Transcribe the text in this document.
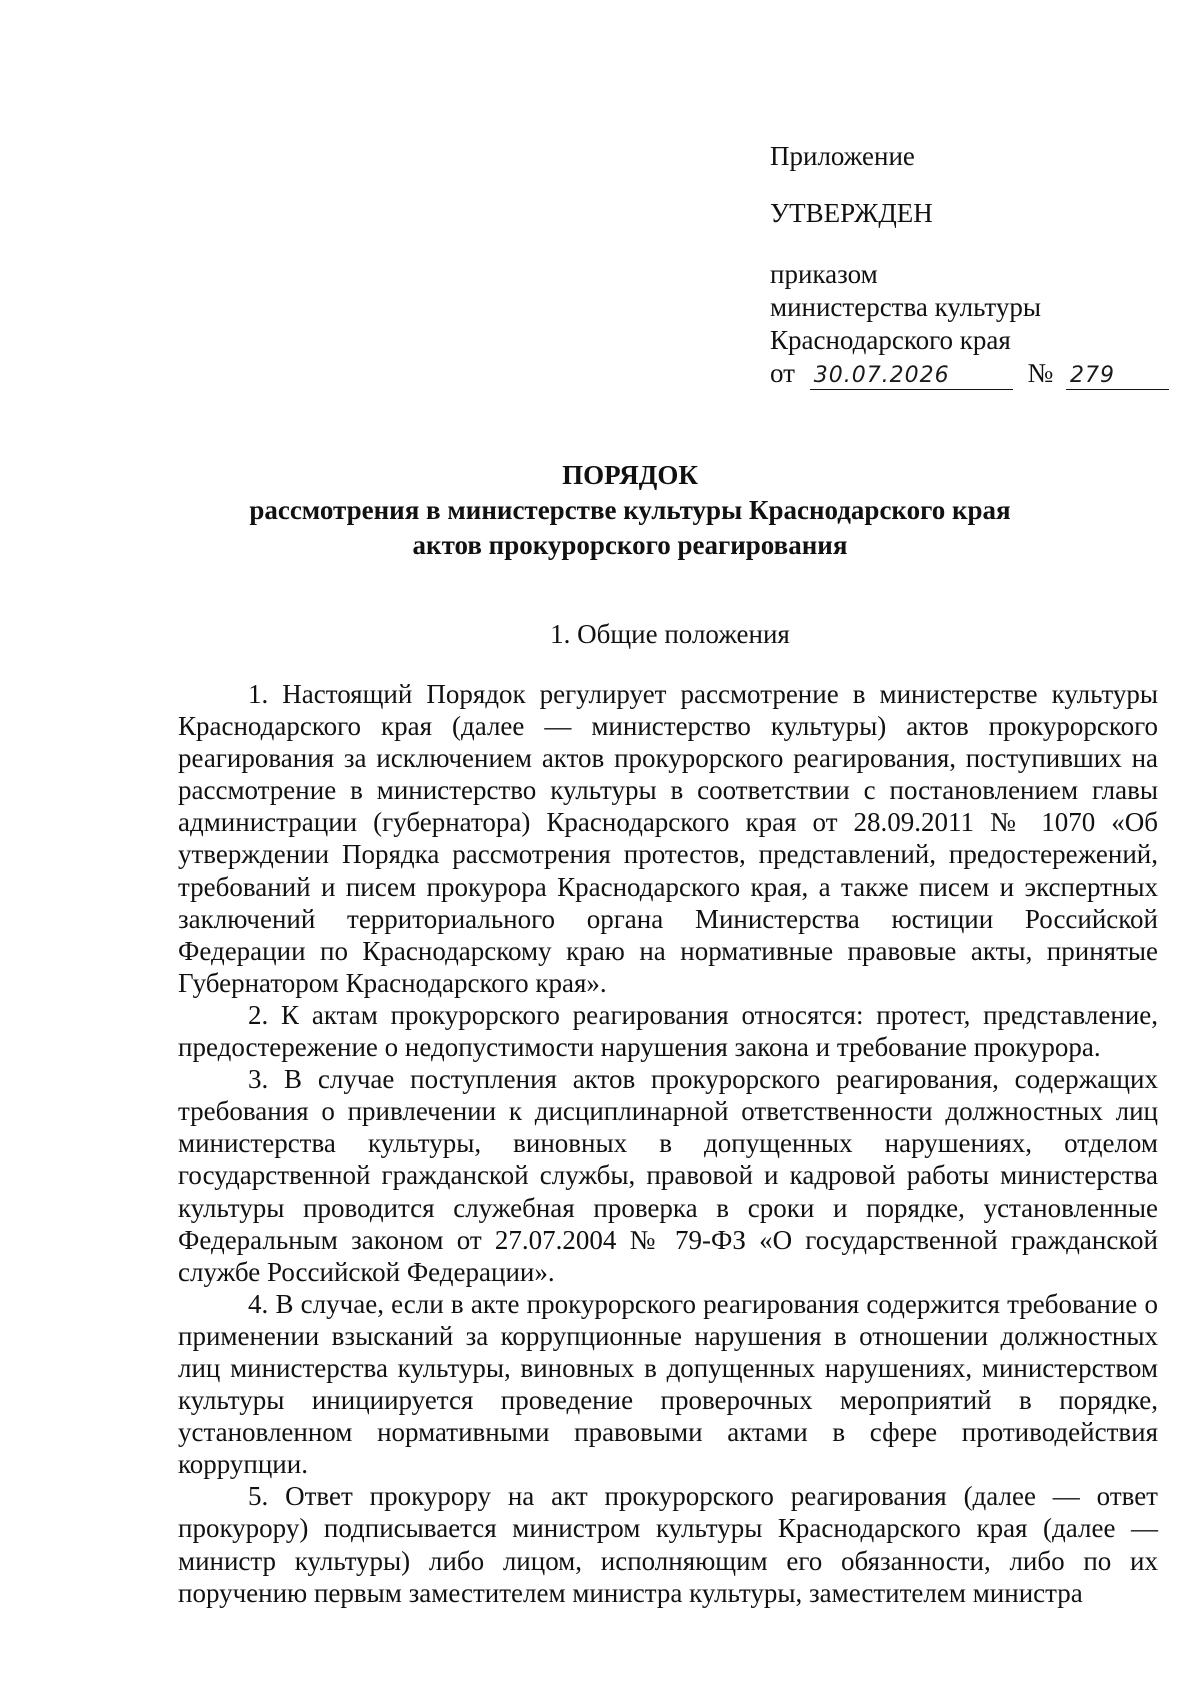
Приложение
УТВЕРЖДЕН
приказом
министерства культуры
Краснодарского края
от 30.07.2026	№ 279
ПОРЯДОК
рассмотрения в министерстве культуры Краснодарского края
актов прокурорского реагирования
1. Общие положения

1. Настоящий Порядок регулирует рассмотрение в министерстве культуры Краснодарского края (далее — министерство культуры) актов прокурорского реагирования за исключением актов прокурорского реагирования, поступивших на рассмотрение в министерство культуры в соответствии с постановлением главы администрации (губернатора) Краснодарского края от 28.09.2011 № 1070 «Об утверждении Порядка рассмотрения протестов, представлений, предостережений, требований и писем прокурора Краснодарского края, а также писем и экспертных заключений территориального органа Министерства юстиции Российской Федерации по Краснодарскому краю на нормативные правовые акты, принятые Губернатором Краснодарского края».

2. К актам прокурорского реагирования относятся: протест, представление, предостережение о недопустимости нарушения закона и требование прокурора.

3. В случае поступления актов прокурорского реагирования, содержащих требования о привлечении к дисциплинарной ответственности должностных лиц министерства культуры, виновных в допущенных нарушениях, отделом государственной гражданской службы, правовой и кадровой работы министерства культуры проводится служебная проверка в сроки и порядке, установленные Федеральным законом от 27.07.2004 № 79-ФЗ «О государственной гражданской службе Российской Федерации».

4. В случае, если в акте прокурорского реагирования содержится требование о применении взысканий за коррупционные нарушения в отношении должностных лиц министерства культуры, виновных в допущенных нарушениях, министерством культуры инициируется проведение проверочных мероприятий в порядке, установленном нормативными правовыми актами в сфере противодействия коррупции.

5. Ответ прокурору на акт прокурорского реагирования (далее — ответ прокурору) подписывается министром культуры Краснодарского края (далее — министр культуры) либо лицом, исполняющим его обязанности, либо по их поручению первым заместителем министра культуры, заместителем министра
